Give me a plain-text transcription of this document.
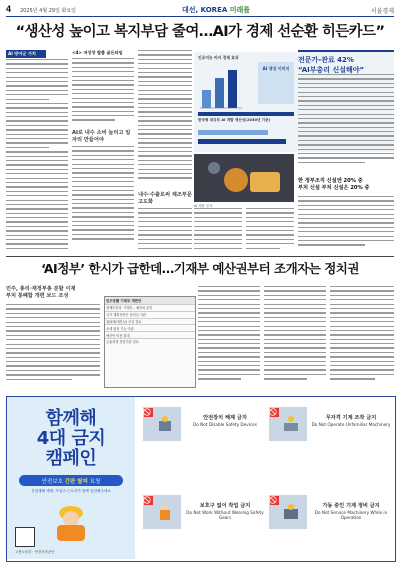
4 2025년 4월 29일 화요일	대선, KOREA 미래를	서울경제
“생산성 높이고 복지부담 줄여…AI가 경제 선순환 히든카드”
AI 방어군 가치	<4> 저성장 탈출 골든타임
AI로 내수 소비 늘리고 일자리 만들어야
내수·수출로써 제조부문 고도화
인공지능 비서 경제 효과
AI 생성 이미지
한국형 대규모 AI 개발 생산성(2030년 기준)
AI 채용 문서
전문가-관료 42%
“AI부총리 신설해야”
한 정부조직 신설엔 20% 중
부처 신설 부처 신설은 20% 중
‘AI정부’ 한시가 급한데…기재부 예산권부터 조개자는 정치권
민주, 총리·재정부총 분할 이재
부처 통폐합 개편 보드 조성
민주당發 기재부 개편안
경제부총리: 기재부 - 예산처 분리
국가 재정전략은 총리실 이관
청와대(예산실) 신설 검토
조세 편성 기능 이관
예산안 비용 불대
금융정책 전담기관 검토
함께해
4대 금지
캠페인
안전보호 간판 탈피 요청
산업재해 예방, 사업주·근로자가 함께 실천해주세요
고용노동부 · 안전보건공단
안전장치 해제 금지
Do Not Disable Safety Devices
무자격 기계 조작 금지
Do Not Operate Unfamiliar Machinery
보호구 없이 작업 금지
Do Not Work Without Wearing Safety Gears
가동 중인 기계 정비 금지
Do Not Service Machinery While in Operation
